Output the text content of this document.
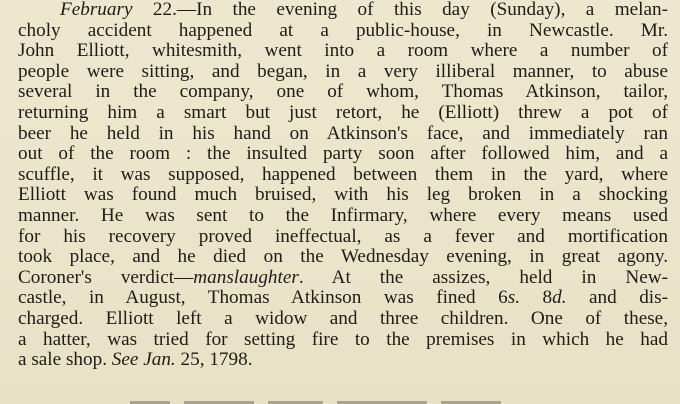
February 22.—In the evening of this day (Sunday), a melan-
choly accident happened at a public-house, in Newcastle. Mr.
John Elliott, whitesmith, went into a room where a number of
people were sitting, and began, in a very illiberal manner, to abuse
several in the company, one of whom, Thomas Atkinson, tailor,
returning him a smart but just retort, he (Elliott) threw a pot of
beer he held in his hand on Atkinson's face, and immediately ran
out of the room : the insulted party soon after followed him, and a
scuffle, it was supposed, happened between them in the yard, where
Elliott was found much bruised, with his leg broken in a shocking
manner. He was sent to the Infirmary, where every means used
for his recovery proved ineffectual, as a fever and mortification
took place, and he died on the Wednesday evening, in great agony.
Coroner's verdict—manslaughter. At the assizes, held in New-
castle, in August, Thomas Atkinson was fined 6s. 8d. and dis-
charged. Elliott left a widow and three children. One of these,
a hatter, was tried for setting fire to the premises in which he had
a sale shop. See Jan. 25, 1798.
